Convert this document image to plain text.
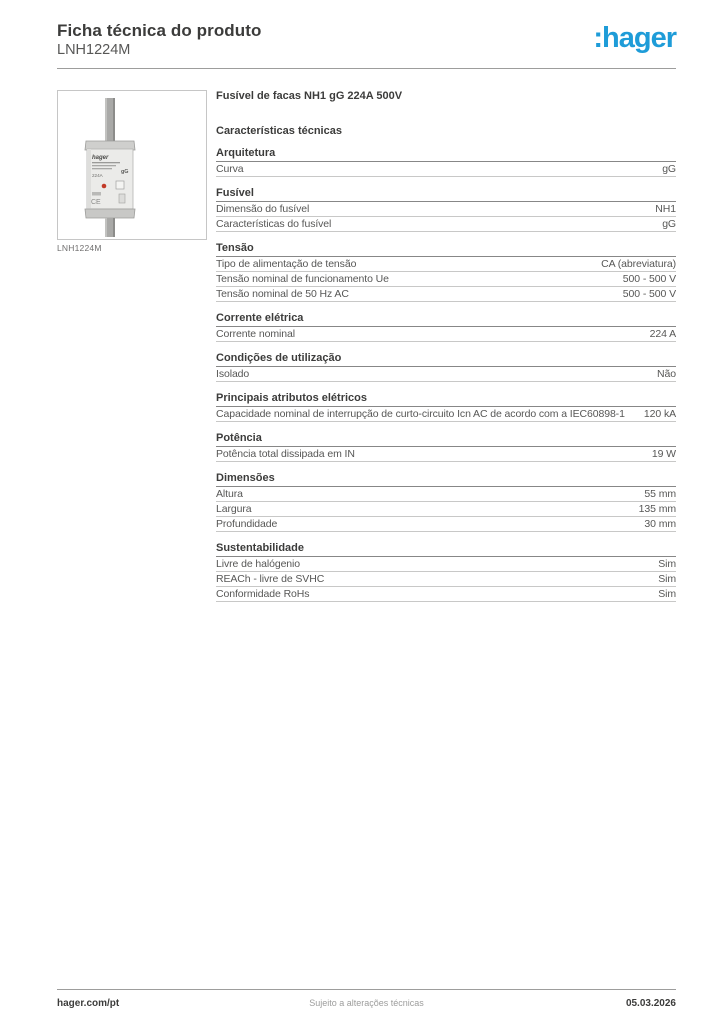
Ficha técnica do produto
LNH1224M	:hager
hager
224A
gG
CE
LNH1224M
Fusível de facas NH1 gG 224A 500V
Características técnicas
Arquitetura
Curva	gG
Fusível
Dimensão do fusível	NH1
Características do fusível	gG
Tensão
Tipo de alimentação de tensão	CA (abreviatura)
Tensão nominal de funcionamento Ue	500 - 500 V
Tensão nominal de 50 Hz AC	500 - 500 V
Corrente elétrica
Corrente nominal	224 A
Condições de utilização
Isolado	Não
Principais atributos elétricos
Capacidade nominal de interrupção de curto-circuito Icn AC de acordo com a IEC60898-1	120 kA
Potência
Potência total dissipada em IN	19 W
Dimensões
Altura	55 mm
Largura	135 mm
Profundidade	30 mm
Sustentabilidade
Livre de halógenio	Sim
REACh - livre de SVHC	Sim
Conformidade RoHs	Sim
Sujeito a alterações técnicas
hager.com/pt	05.03.2026
